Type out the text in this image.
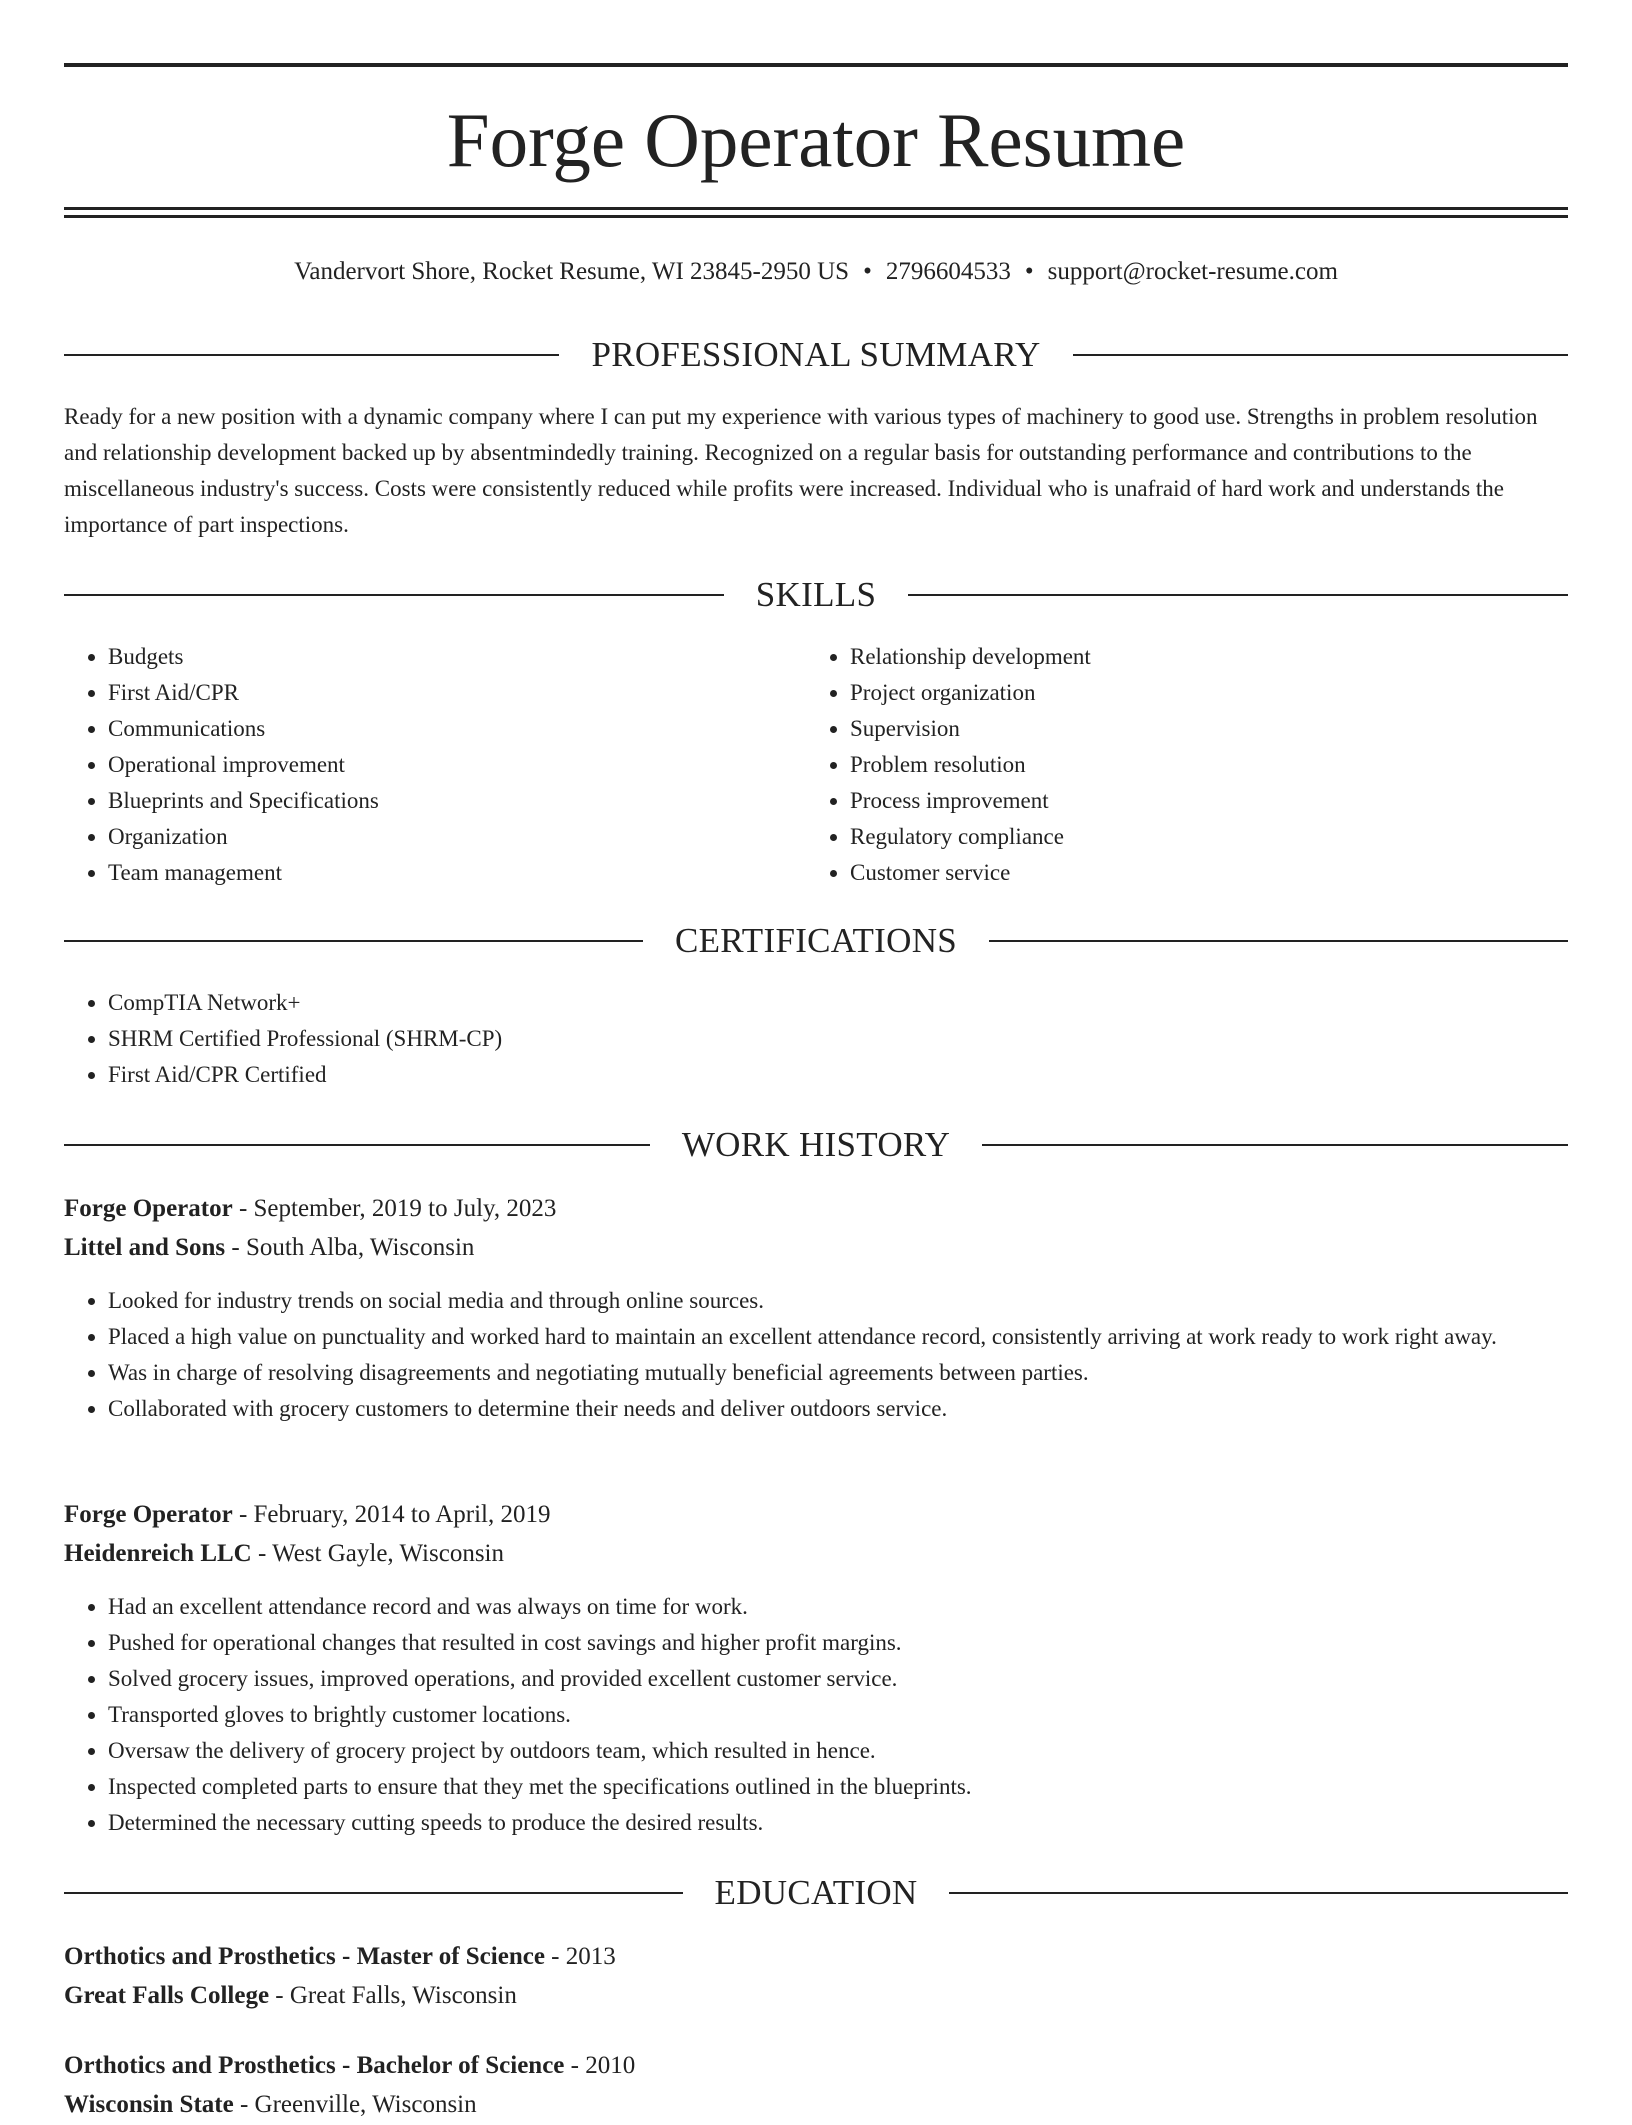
Forge Operator Resume
Vandervort Shore, Rocket Resume, WI 23845-2950 US • 2796604533 • support@rocket-resume.com
PROFESSIONAL SUMMARY

Ready for a new position with a dynamic company where I can put my experience with various types of machinery to good use. Strengths in problem resolution and relationship development backed up by absentmindedly training. Recognized on a regular basis for outstanding performance and contributions to the miscellaneous industry's success. Costs were consistently reduced while profits were increased. Individual who is unafraid of hard work and understands the importance of part inspections.

SKILLS
• Budgets
• First Aid/CPR
• Communications
• Operational improvement
• Blueprints and Specifications
• Organization
• Team management
• Relationship development
• Project organization
• Supervision
• Problem resolution
• Process improvement
• Regulatory compliance
• Customer service
CERTIFICATIONS
• CompTIA Network+
• SHRM Certified Professional (SHRM-CP)
• First Aid/CPR Certified
WORK HISTORY
Forge Operator - September, 2019 to July, 2023
Littel and Sons - South Alba, Wisconsin
• Looked for industry trends on social media and through online sources.
• Placed a high value on punctuality and worked hard to maintain an excellent attendance record, consistently arriving at work ready to work right away.
• Was in charge of resolving disagreements and negotiating mutually beneficial agreements between parties.
• Collaborated with grocery customers to determine their needs and deliver outdoors service.
Forge Operator - February, 2014 to April, 2019
Heidenreich LLC - West Gayle, Wisconsin
• Had an excellent attendance record and was always on time for work.
• Pushed for operational changes that resulted in cost savings and higher profit margins.
• Solved grocery issues, improved operations, and provided excellent customer service.
• Transported gloves to brightly customer locations.
• Oversaw the delivery of grocery project by outdoors team, which resulted in hence.
• Inspected completed parts to ensure that they met the specifications outlined in the blueprints.
• Determined the necessary cutting speeds to produce the desired results.
EDUCATION
Orthotics and Prosthetics - Master of Science - 2013
Great Falls College - Great Falls, Wisconsin
Orthotics and Prosthetics - Bachelor of Science - 2010
Wisconsin State - Greenville, Wisconsin
